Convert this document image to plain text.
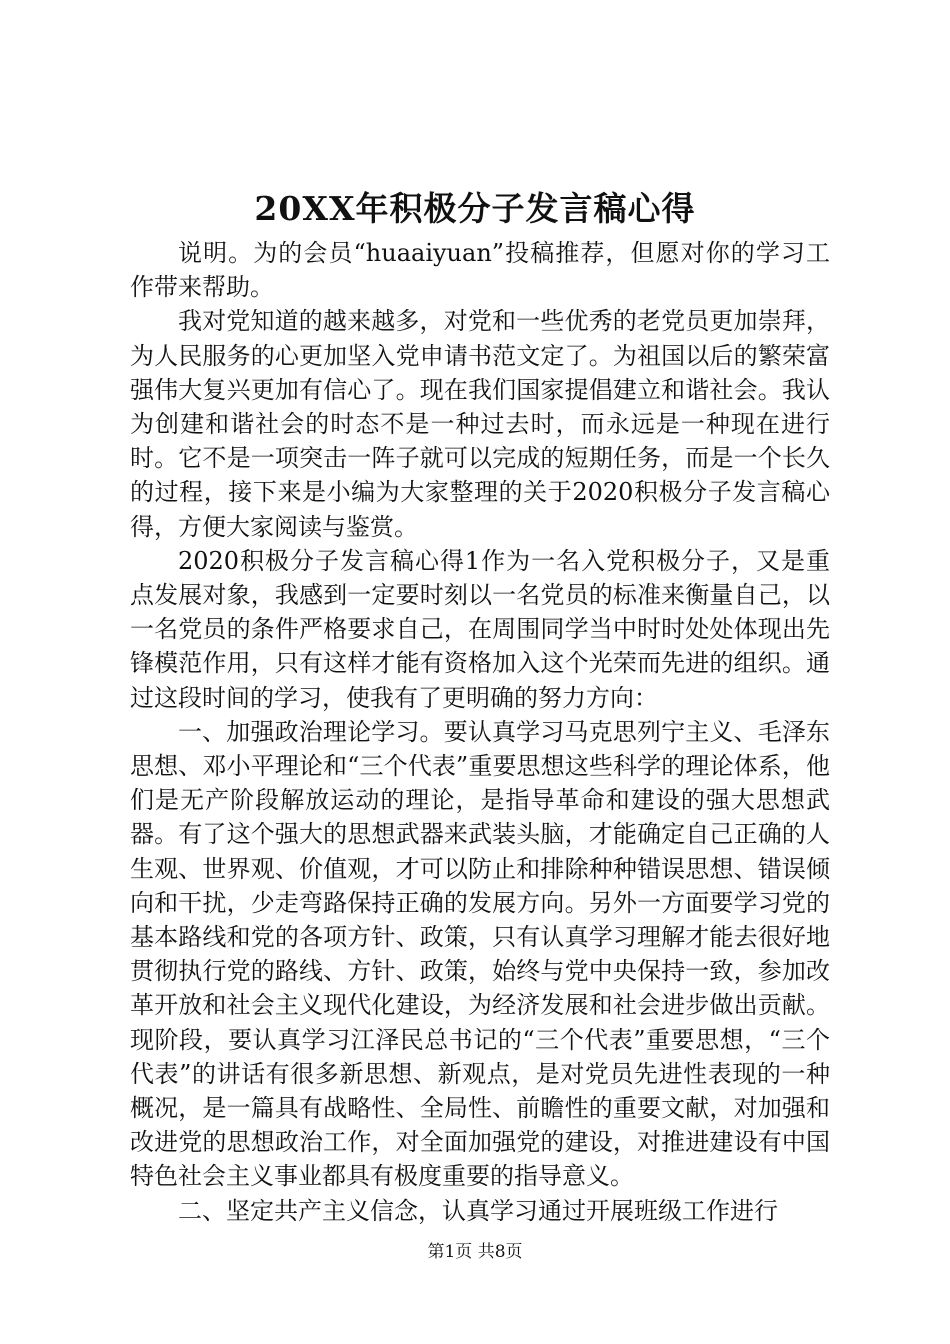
20XX年积极分子发言稿心得

说明。为的会员“huaaiyuan”投稿推荐，但愿对你的学习工作带来帮助。

我对党知道的越来越多，对党和一些优秀的老党员更加崇拜，为人民服务的心更加坚入党申请书范文定了。为祖国以后的繁荣富强伟大复兴更加有信心了。现在我们国家提倡建立和谐社会。我认为创建和谐社会的时态不是一种过去时，而永远是一种现在进行时。它不是一项突击一阵子就可以完成的短期任务，而是一个长久的过程，接下来是小编为大家整理的关于2020积极分子发言稿心得，方便大家阅读与鉴赏。

2020积极分子发言稿心得1作为一名入党积极分子，又是重点发展对象，我感到一定要时刻以一名党员的标准来衡量自己，以一名党员的条件严格要求自己，在周围同学当中时时处处体现出先锋模范作用，只有这样才能有资格加入这个光荣而先进的组织。通过这段时间的学习，使我有了更明确的努力方向：

一、加强政治理论学习。要认真学习马克思列宁主义、毛泽东思想、邓小平理论和“三个代表”重要思想这些科学的理论体系，他们是无产阶段解放运动的理论，是指导革命和建设的强大思想武器。有了这个强大的思想武器来武装头脑，才能确定自己正确的人生观、世界观、价值观，才可以防止和排除种种错误思想、错误倾向和干扰，少走弯路保持正确的发展方向。另外一方面要学习党的基本路线和党的各项方针、政策，只有认真学习理解才能去很好地贯彻执行党的路线、方针、政策，始终与党中央保持一致，参加改革开放和社会主义现代化建设，为经济发展和社会进步做出贡献。现阶段，要认真学习江泽民总书记的“三个代表”重要思想，“三个代表”的讲话有很多新思想、新观点，是对党员先进性表现的一种概况，是一篇具有战略性、全局性、前瞻性的重要文献，对加强和改进党的思想政治工作，对全面加强党的建设，对推进建设有中国特色社会主义事业都具有极度重要的指导意义。

二、坚定共产主义信念，认真学习通过开展班级工作进行

第1页 共8页
